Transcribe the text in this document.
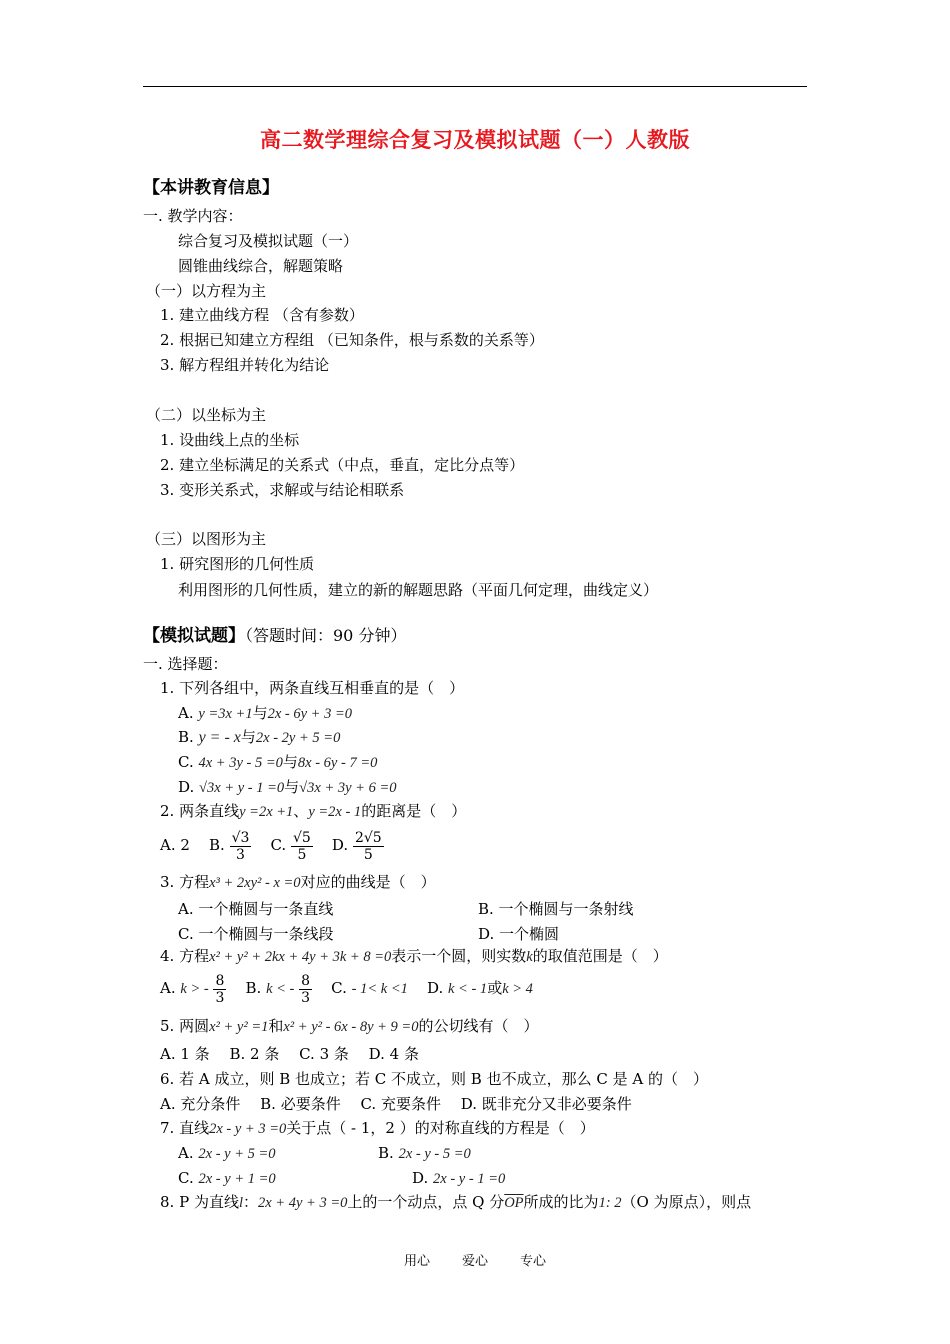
高二数学理综合复习及模拟试题（一）人教版
【本讲教育信息】
一. 教学内容：
综合复习及模拟试题（一）
圆锥曲线综合，解题策略
（一）以方程为主
1. 建立曲线方程 （含有参数）
2. 根据已知建立方程组 （已知条件，根与系数的关系等）
3. 解方程组并转化为结论
（二）以坐标为主
1. 设曲线上点的坐标
2. 建立坐标满足的关系式（中点，垂直，定比分点等）
3. 变形关系式，求解或与结论相联系
（三）以图形为主
1. 研究图形的几何性质
利用图形的几何性质，建立的新的解题思路（平面几何定理，曲线定义）
【模拟试题】（答题时间：90 分钟）
一. 选择题：
1. 下列各组中，两条直线互相垂直的是（　）
A. y =3x +1与2x - 6y + 3 =0
B. y = - x与2x - 2y + 5 =0
C. 4x + 3y - 5 =0与8x - 6y - 7 =0
D. √3x + y - 1 =0与√3x + 3y + 6 =0
2. 两条直线y =2x +1、y =2x - 1的距离是（　）
A. 2 B. $\frac{√3}{3} C$. $\frac{√5}{5} D$. $\frac{2√5}{5}$
3. 方程x³ + 2xy² - x =0对应的曲线是（　）
A. 一个椭圆与一条直线	B. 一个椭圆与一条射线
C. 一个椭圆与一条线段	D. 一个椭圆
4. 方程x² + y² + 2kx + 4y + 3k + 8 =0表示一个圆，则实数k的取值范围是（　）
A. k > - $\frac{8}{3} B$. k < - $\frac{8}{3} C$. - 1< k <1 D. k < - 1或k > 4
5. 两圆x² + y² =1和x² + y² - 6x - 8y + 9 =0的公切线有（　）
A. 1 条　 B. 2 条　 C. 3 条　 D. 4 条
6. 若 A 成立，则 B 也成立；若 C 不成立，则 B 也不成立，那么 C 是 A 的（　）
A. 充分条件　 B. 必要条件　 C. 充要条件　 D. 既非充分又非必要条件
7. 直线2x - y + 3 =0关于点（ - 1，2 ）的对称直线的方程是（　）
A. 2x - y + 5 =0	B. 2x - y - 5 =0
C. 2x - y + 1 =0	D. 2x - y - 1 =0
8. P 为直线l：2x + 4y + 3 =0上的一个动点，点 Q 分$\overline{OP}$所成的比为1: 2（O 为原点），则点
用心 爱心 专心
